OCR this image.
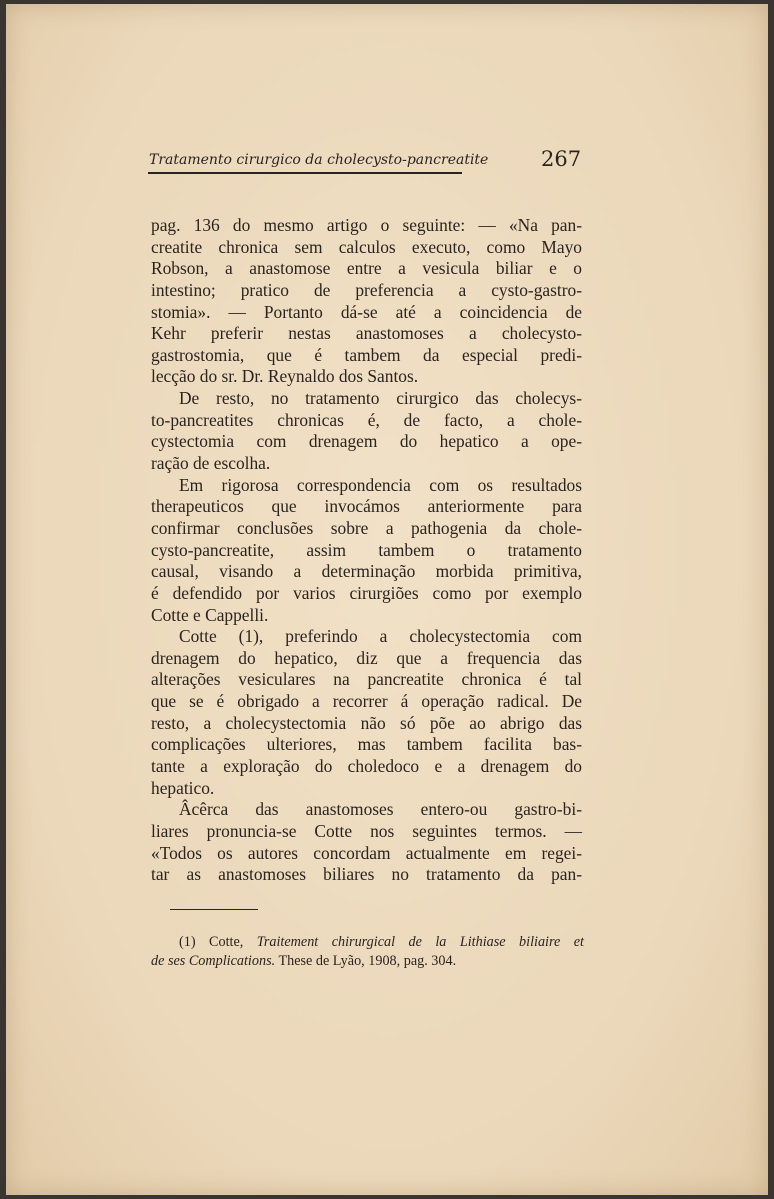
Tratamento cirurgico da cholecysto-pancreatite	267
pag. 136 do mesmo artigo o seguinte: — «Na pan-
creatite chronica sem calculos executo, como Mayo
Robson, a anastomose entre a vesicula biliar e o
intestino; pratico de preferencia a cysto-gastro-
stomia». — Portanto dá-se até a coincidencia de
Kehr preferir nestas anastomoses a cholecysto-
gastrostomia, que é tambem da especial predi-
lecção do sr. Dr. Reynaldo dos Santos.
De resto, no tratamento cirurgico das cholecys-
to-pancreatites chronicas é, de facto, a chole-
cystectomia com drenagem do hepatico a ope-
ração de escolha.
Em rigorosa correspondencia com os resultados
therapeuticos que invocámos anteriormente para
confirmar conclusões sobre a pathogenia da chole-
cysto-pancreatite, assim tambem o tratamento
causal, visando a determinação morbida primitiva,
é defendido por varios cirurgiões como por exemplo
Cotte e Cappelli.
Cotte (1), preferindo a cholecystectomia com
drenagem do hepatico, diz que a frequencia das
alterações vesiculares na pancreatite chronica é tal
que se é obrigado a recorrer á operação radical. De
resto, a cholecystectomia não só põe ao abrigo das
complicações ulteriores, mas tambem facilita bas-
tante a exploração do choledoco e a drenagem do
hepatico.
Âcêrca das anastomoses entero-ou gastro-bi-
liares pronuncia-se Cotte nos seguintes termos. —
«Todos os autores concordam actualmente em regei-
tar as anastomoses biliares no tratamento da pan-
(1) Cotte, Traitement chirurgical de la Lithiase biliaire et
de ses Complications. These de Lyão, 1908, pag. 304.
